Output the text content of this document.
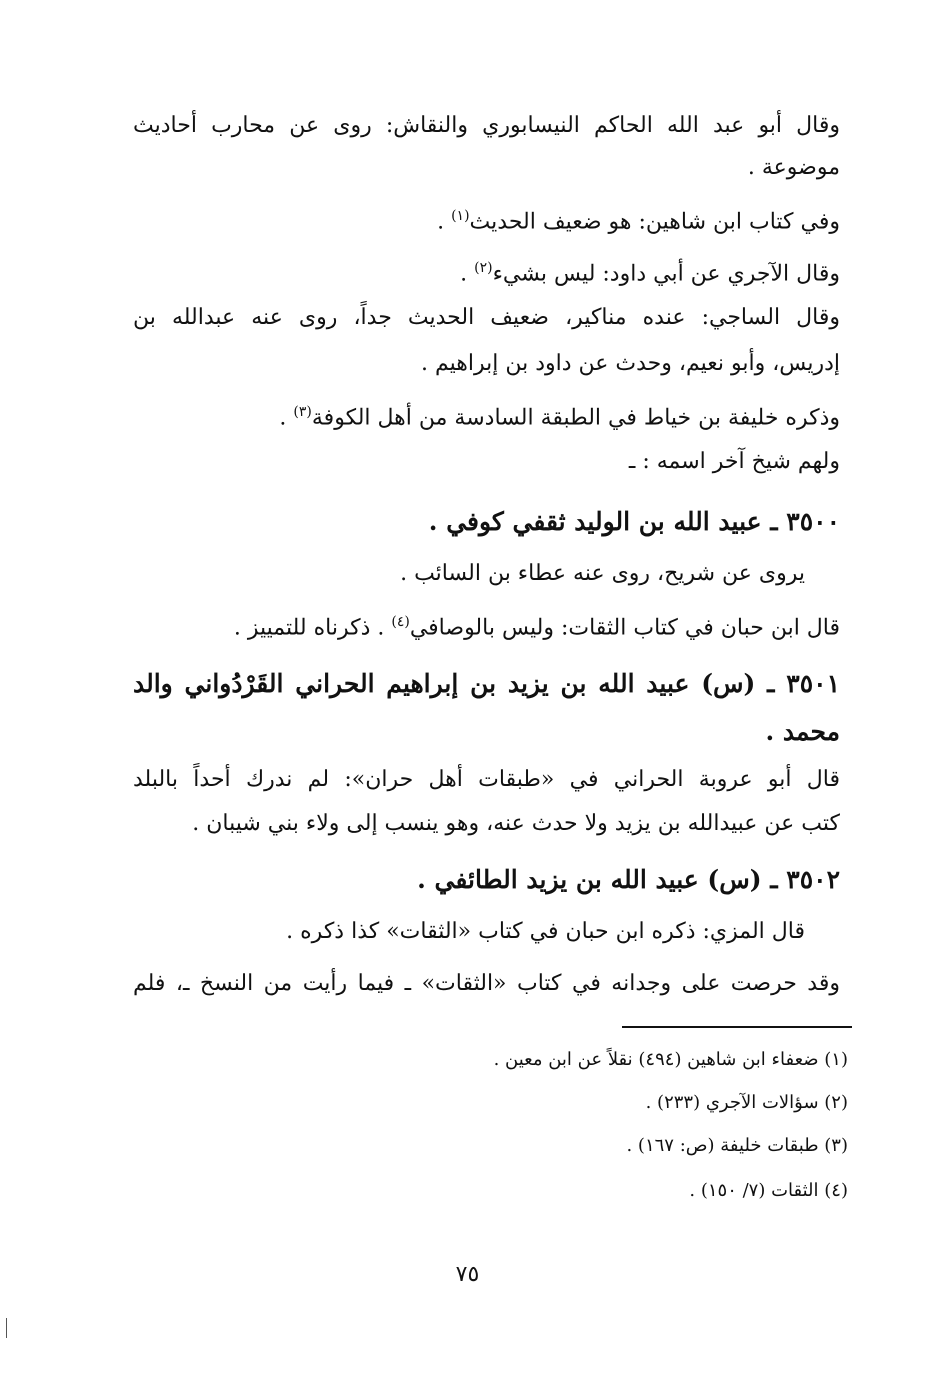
وقال أبو عبد الله الحاكم النيسابوري والنقاش: روى عن محارب أحاديث
موضوعة .
وفي كتاب ابن شاهين: هو ضعيف الحديث$^{(١)}$ .
وقال الآجري عن أبي داود: ليس بشيء$^{(٢)}$ .
وقال الساجي: عنده مناكير، ضعيف الحديث جداً، روى عنه عبدالله بن
إدريس، وأبو نعيم، وحدث عن داود بن إبراهيم .
وذكره خليفة بن خياط في الطبقة السادسة من أهل الكوفة$^{(٣)}$ .
ولهم شيخ آخر اسمه : ـ
٣٥٠٠ ـ عبيد الله بن الوليد ثقفي كوفي .
يروى عن شريح، روى عنه عطاء بن السائب .
قال ابن حبان في كتاب الثقات: وليس بالوصافي$^{(٤)}$ . ذكرناه للتمييز .
٣٥٠١ ـ (س) عبيد الله بن يزيد بن إبراهيم الحراني القَرْدُواني والد
محمد .
قال أبو عروبة الحراني في «طبقات أهل حران»: لم ندرك أحداً بالبلد
كتب عن عبيدالله بن يزيد ولا حدث عنه، وهو ينسب إلى ولاء بني شيبان .
٣٥٠٢ ـ (س) عبيد الله بن يزيد الطائفي .
قال المزي: ذكره ابن حبان في كتاب «الثقات» كذا ذكره .
وقد حرصت على وجدانه في كتاب «الثقات» ـ فيما رأيت من النسخ ـ، فلم
(١) ضعفاء ابن شاهين (٤٩٤) نقلاً عن ابن معين .
(٢) سؤالات الآجري (٢٣٣) .
(٣) طبقات خليفة (ص: ١٦٧) .
(٤) الثقات (٧/ ١٥٠) .
٧٥
